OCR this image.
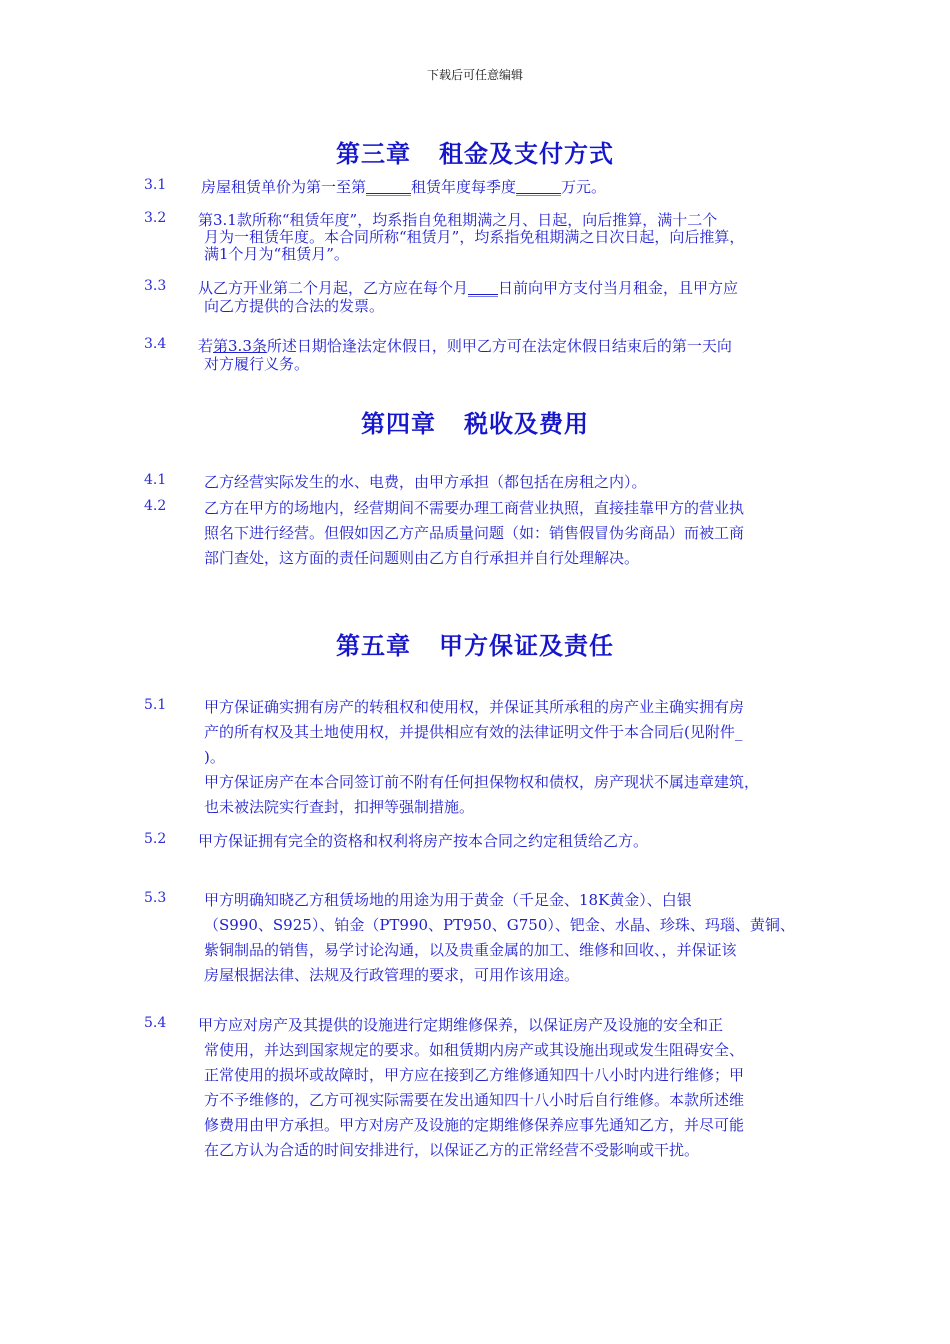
下载后可任意编辑
第三章 租金及支付方式
3.1 房屋租赁单价为第一至第______租赁年度每季度______万元。
3.2 第3.1款所称“租赁年度”，均系指自免租期满之月、日起，向后推算，满十二个
月为一租赁年度。本合同所称“租赁月”，均系指免租期满之日次日起，向后推算，
满1个月为“租赁月”。
3.3 从乙方开业第二个月起，乙方应在每个月____日前向甲方支付当月租金，且甲方应
向乙方提供的合法的发票。
3.4 若第3.3条所述日期恰逢法定休假日，则甲乙方可在法定休假日结束后的第一天向
对方履行义务。
第四章 税收及费用
4.1	乙方经营实际发生的水、电费，由甲方承担（都包括在房租之内）。
4.2	乙方在甲方的场地内，经营期间不需要办理工商营业执照，直接挂靠甲方的营业执
照名下进行经营。但假如因乙方产品质量问题（如：销售假冒伪劣商品）而被工商
部门查处，这方面的责任问题则由乙方自行承担并自行处理解决。
第五章 甲方保证及责任
5.1	甲方保证确实拥有房产的转租权和使用权，并保证其所承租的房产业主确实拥有房
产的所有权及其土地使用权，并提供相应有效的法律证明文件于本合同后(见附件_
)。
甲方保证房产在本合同签订前不附有任何担保物权和债权，房产现状不属违章建筑，
也未被法院实行查封，扣押等强制措施。
5.2 甲方保证拥有完全的资格和权利将房产按本合同之约定租赁给乙方。
5.3	甲方明确知晓乙方租赁场地的用途为用于黄金（千足金、18K黄金）、白银
（S990、S925）、铂金（PT990、PT950、G750）、钯金、水晶、珍珠、玛瑙、黄铜、
紫铜制品的销售，易学讨论沟通，以及贵重金属的加工、维修和回收、，并保证该
房屋根据法律、法规及行政管理的要求，可用作该用途。
5.4 甲方应对房产及其提供的设施进行定期维修保养，以保证房产及设施的安全和正
常使用，并达到国家规定的要求。如租赁期内房产或其设施出现或发生阻碍安全、
正常使用的损坏或故障时，甲方应在接到乙方维修通知四十八小时内进行维修；甲
方不予维修的，乙方可视实际需要在发出通知四十八小时后自行维修。本款所述维
修费用由甲方承担。甲方对房产及设施的定期维修保养应事先通知乙方，并尽可能
在乙方认为合适的时间安排进行，以保证乙方的正常经营不受影响或干扰。
